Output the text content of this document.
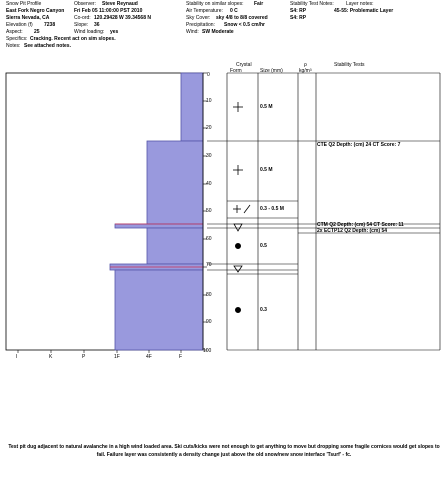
Snow Pit Profile
East Fork Negro Canyon
Sierra Nevada, CA
Elevation (f) 7238
Aspect: 25
Specifics: Cracking. Recent act on sim slopes.
Notes: See attached notes.
Observer: Steve Reynaud
Fri Feb 05 11:00:00 PST 2010
Co-ord: 120.29428 W 39.34568 N
Slope: 36
Wind loading: yes
Stability on similar slopes: Fair
Air Temperature: 0 C
Sky Cover: sky 4/8 to 8/8 covered
Precipitation: Snow < 0.5 cm/hr
Wind: SW Moderate
Stability Test Notes:
S4: RP
S4: RP
Layer notes:
45-55: Problematic Layer
I	K	P	1F	4F	F
0
10
20
30
40
50
60
70
80
90
100
Crystal
Form	Size (mm)
ρ
kg/m³
Stability Tests
0.5 M
0.5 M
0.3 - 0.5 M
0.5
0.3
CTE Q2 Depth: (cm) 24 CT Score: 7
CTM Q2 Depth: (cm) 54 CT Score: 11
2x ECTP12 Q2 Depth: (cm) 54
Test pit dug adjacent to natural avalanche in a high wind loaded area. Ski cuts/kicks were not enough to get anything to move but dropping some fragile cornices would get slopes to fail. Failure layer was consistently a density change just above the old snow/new snow interface 'Tsurf' - fc.
